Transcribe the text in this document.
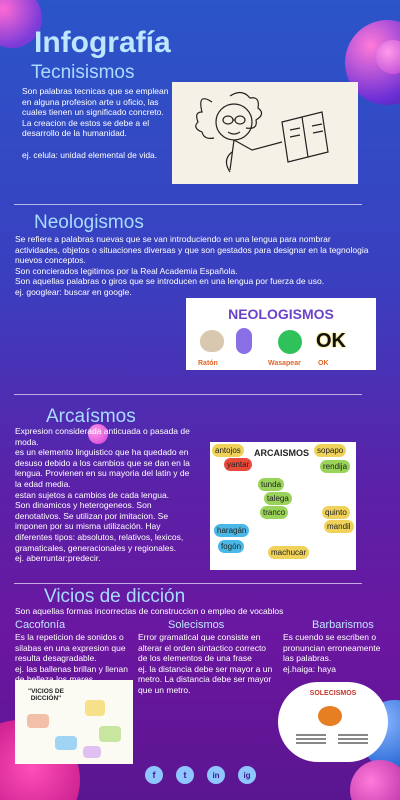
Infografía
Tecnisismos

Son palabras tecnicas que se emplean en alguna profesion arte u oficio, las cuales tienen un significado concreto.
La creacion de estos se debe a el desarrollo de la humanidad.

ej. celula: unidad elemental de vida.

Neologismos

Se refiere a palabras nuevas que se van introduciendo en una lengua para nombrar actividades, objetos o situaciones diversas y que son gestados para designar en la tegnologia nuevos conceptos.
Son concierados legitimos por la Real Academia Española.
Son aquellas palabras o giros que se introducen en una lengua por fuerza de uso.
ej. googlear: buscar en google.

NEOLOGISMOS
OK
Ratón	Wasapear OK
Arcaísmos

Expresion considerada anticuada o pasada de moda.
es un elemento linguistico que ha quedado en desuso debido a los cambios que se dan en la lengua. Provienen en su mayoria del latin y de la edad media.
estan sujetos a cambios de cada lengua.
Son dinamicos y heterogeneos. Son denotativos. Se utilizan por imitacion. Se imponen por su misma utilización. Hay diferentes tipos: absolutos, relativos, lexicos, gramaticales, generacionales y regionales.
ej. aberruntar:predecir.

ARCAISMOS
antojos
yantar
sopapo
rendija
tunda
talega
tranco
haragán
fogón
quinto
mandil
machucar
Vicios de dicción

Son aquellas formas incorrectas de construccion o empleo de vocablos

Cacofonía

Es la repeticion de sonidos o silabas en una expresion que resulta desagradable.
ej. las ballenas brillan y llenan

Solecismos

Error gramatical que consiste en alterar el orden sintactico correcto de los elementos de una frase
ej. la distancia debe ser mayor a un metro. La distancia debe ser mayor que un metro.

Barbarismos

Es cuendo se escriben o pronuncian erroneamente las palabras.
ej.haiga: haya

"VICIOS DE DICCIÓN"
SOLECISMOS
f	t	in	ig
